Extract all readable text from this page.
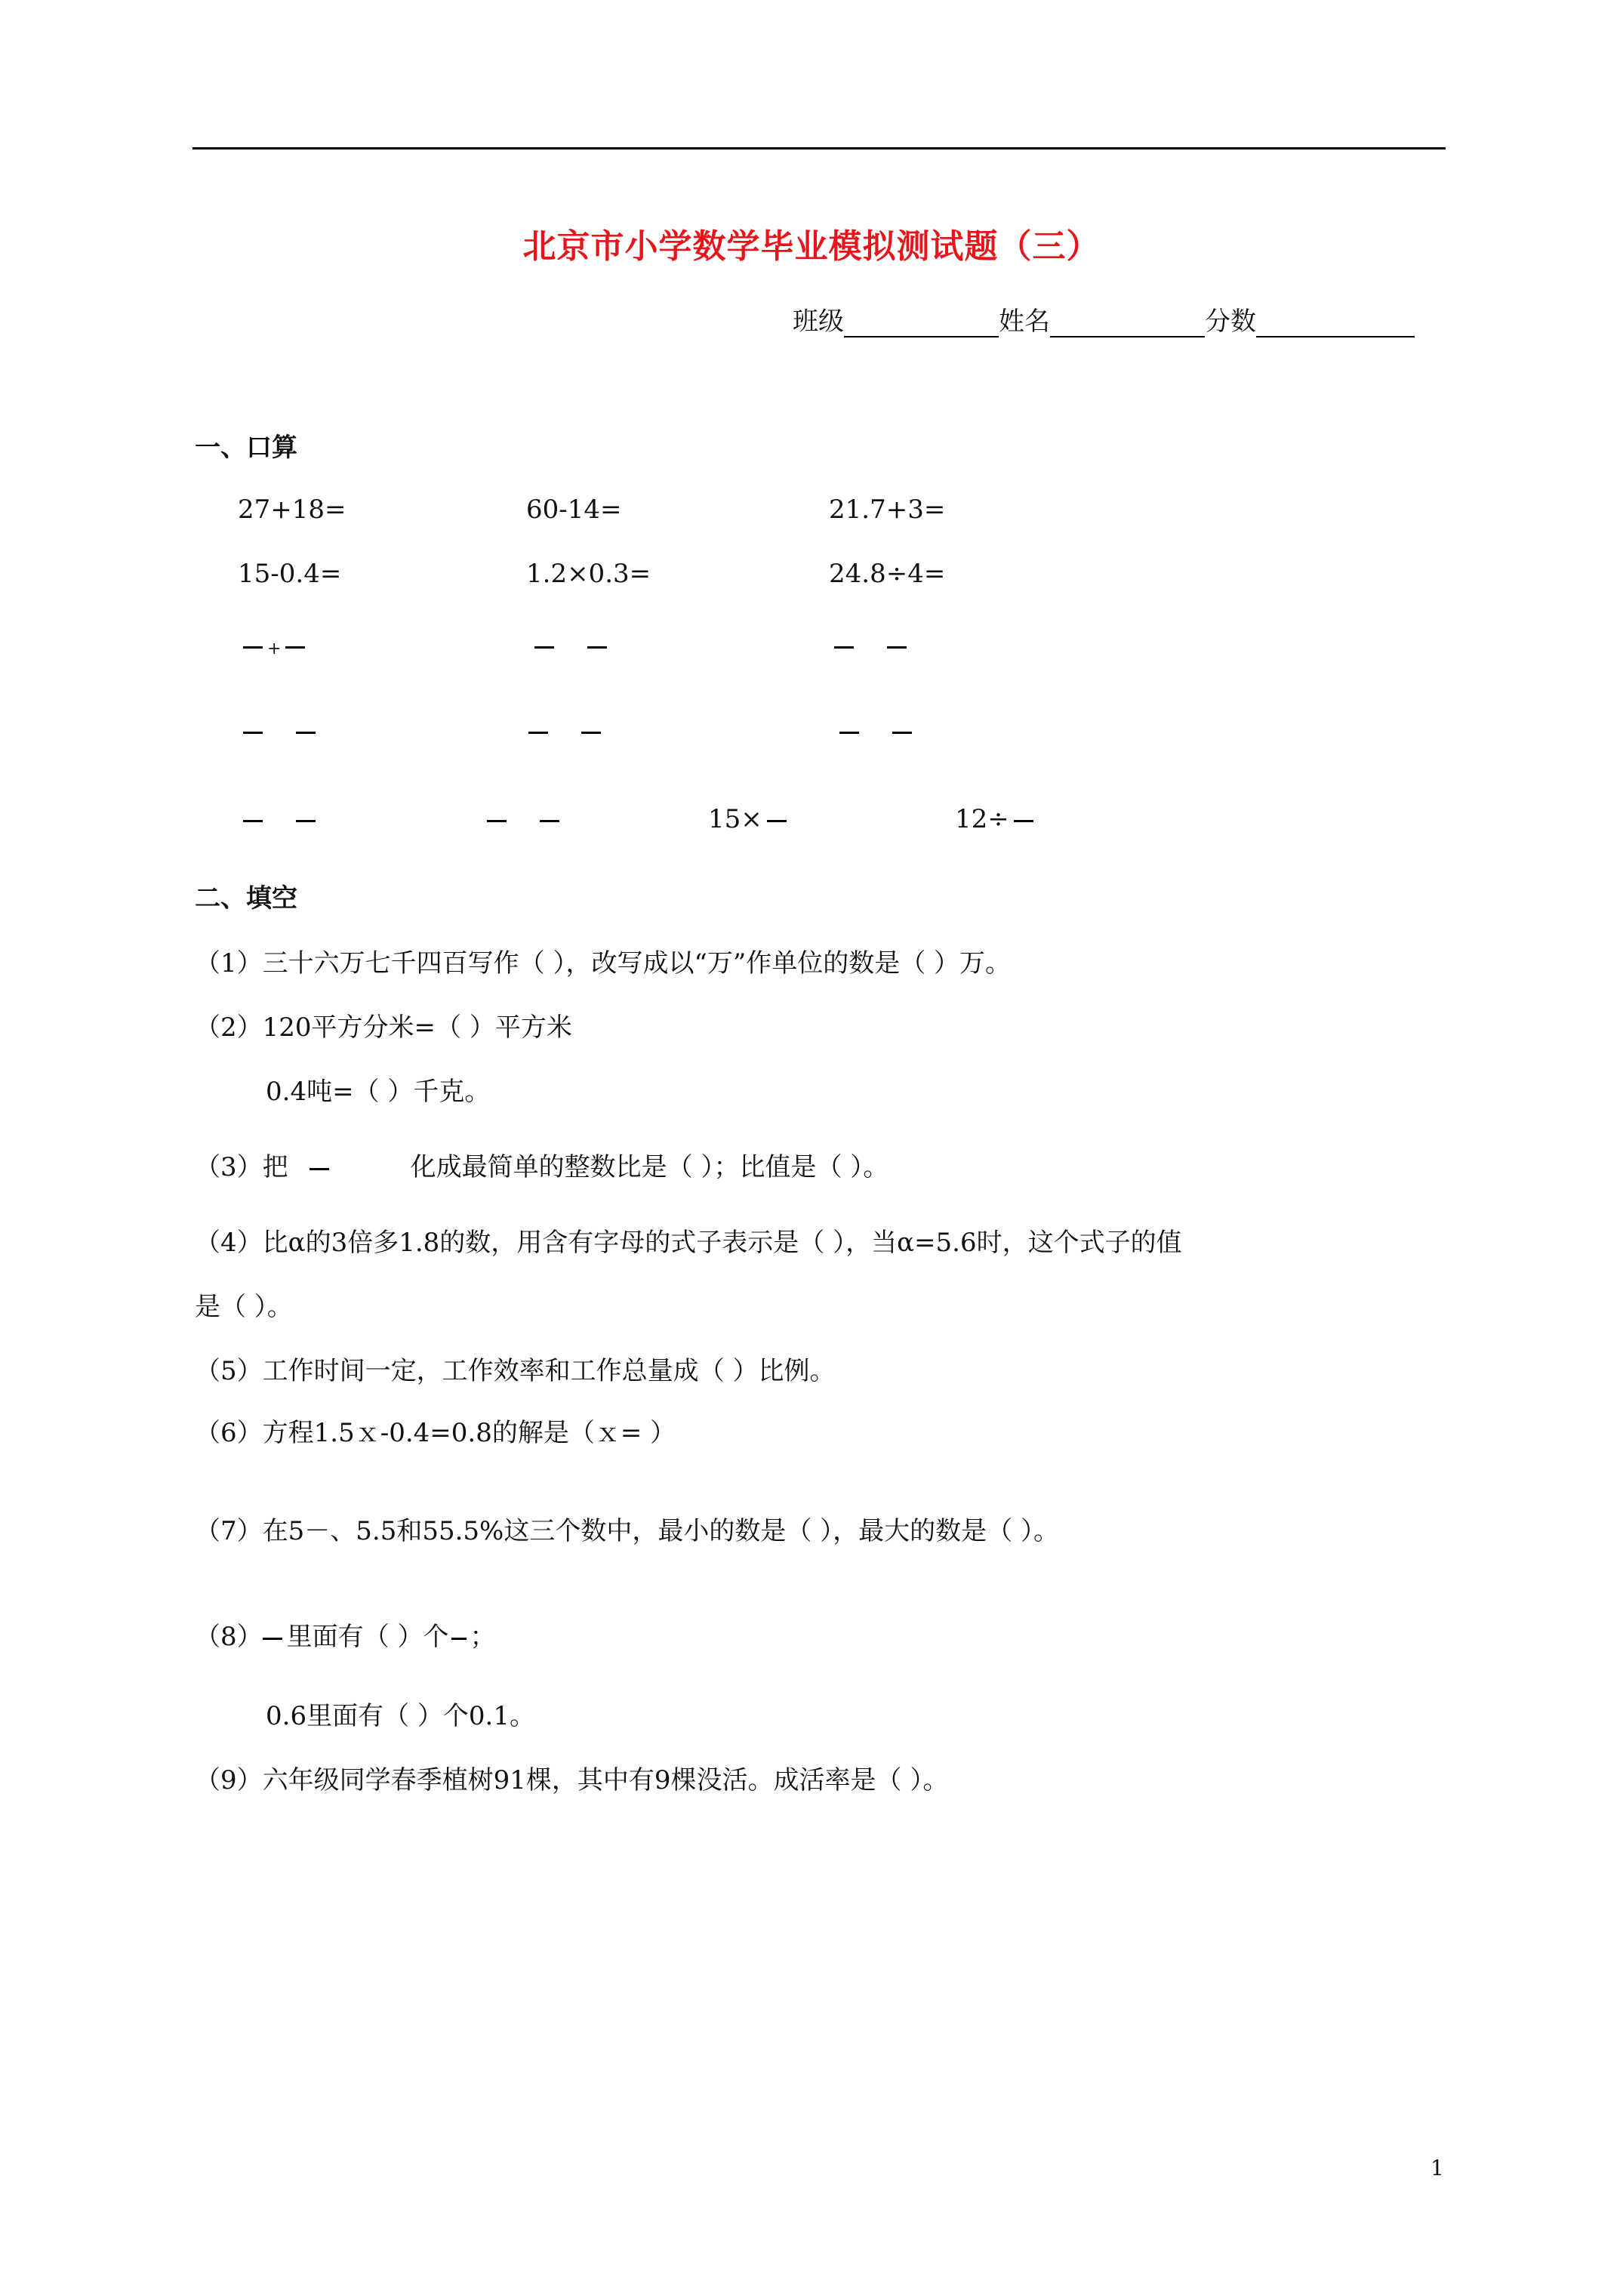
北京市小学数学毕业模拟测试题（三）
班级	姓名	分数
一、口算
27+18=	60-14=	21.7+3=
15-0.4=	1.2×0.3=	24.8÷4=
+
15×	12÷
二、填空
（1）三十六万七千四百写作（ ），改写成以“万”作单位的数是（ ）万。
（2）120平方分米=（ ）平方米
0.4吨=（ ）千克。
（3）把	化成最简单的整数比是（ ）；比值是（ ）。
（4）比α的3倍多1.8的数，用含有字母的式子表示是（ ），当α=5.6时，这个式子的值
是（ ）。
（5）工作时间一定，工作效率和工作总量成（ ）比例。
（6）方程1.5ｘ-0.4=0.8的解是（ｘ= ）
（7）在5－、5.5和55.5%这三个数中，最小的数是（ ），最大的数是（ ）。
（8） 里面有（ ）个 ；
0.6里面有（ ）个0.1。
（9）六年级同学春季植树91棵，其中有9棵没活。成活率是（ ）。
1
